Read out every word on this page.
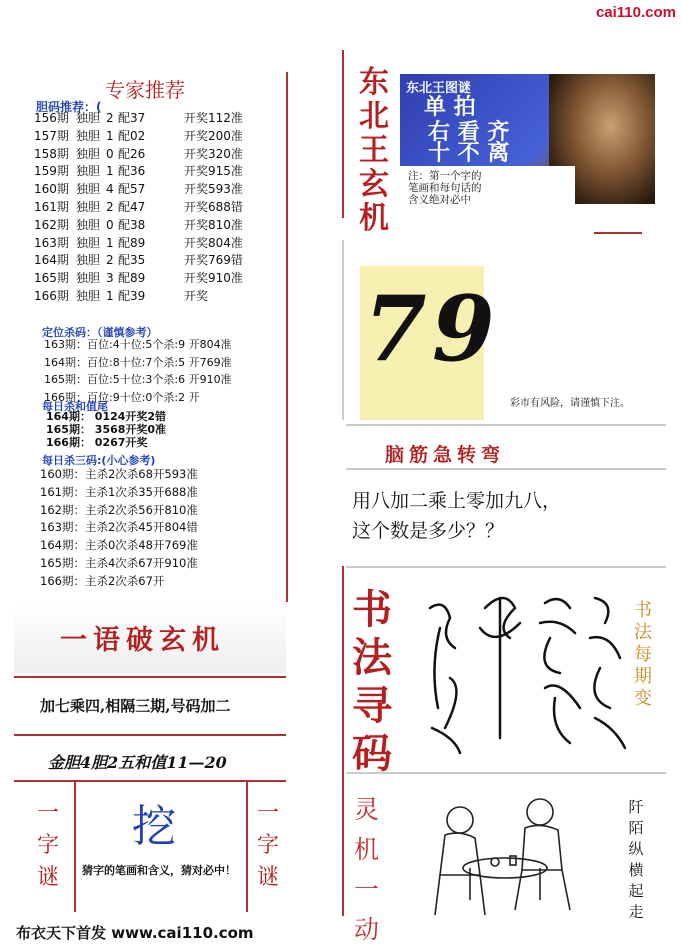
cai110.com
专家推荐
胆码推荐：(
156期 独胆 2 配37	开奖112准
157期 独胆 1 配02	开奖200准
158期 独胆 0 配26	开奖320准
159期 独胆 1 配36	开奖915准
160期 独胆 4 配57	开奖593准
161期 独胆 2 配47	开奖688错
162期 独胆 0 配38	开奖810准
163期 独胆 1 配89	开奖804准
164期 独胆 2 配35	开奖769错
165期 独胆 3 配89	开奖910准
166期 独胆 1 配39	开奖
定位杀码：（谨慎参考）
163期：百位:4十位:5个杀:9 开804准
164期：百位:8十位:7个杀:5 开769准
165期：百位:5十位:3个杀:6 开910准
166期：百位:9十位:0个杀:2 开
每日杀和值尾
164期： 0124开奖2错
165期： 3568开奖0准
166期： 0267开奖
每日杀三码:(小心参考)
160期：主杀2次杀68开593准
161期：主杀1次杀35开688准
162期：主杀2次杀56开810准
163期：主杀2次杀45开804错
164期：主杀0次杀48开769准
165期：主杀4次杀67开910准
166期：主杀2次杀67开
一语破玄机
加七乘四,相隔三期,号码加二
金胆4胆2五和值11—20
一
字
谜
一
字
谜
挖
猜字的笔画和含义，猜对必中！
布衣天下首发 www.cai110.com
东
北
王
玄
机
东北王图谜
单 拍
右 看 齐
十 不 离
注：第一个字的
笔画和每句话的
含义绝对必中
7 9
彩市有风险，请谨慎下注。
脑筋急转弯
用八加二乘上零加九八，
这个数是多少？？
书
法
寻
码
书
法
每
期
变
灵
机
一
动
阡
陌
纵
横
起
走
